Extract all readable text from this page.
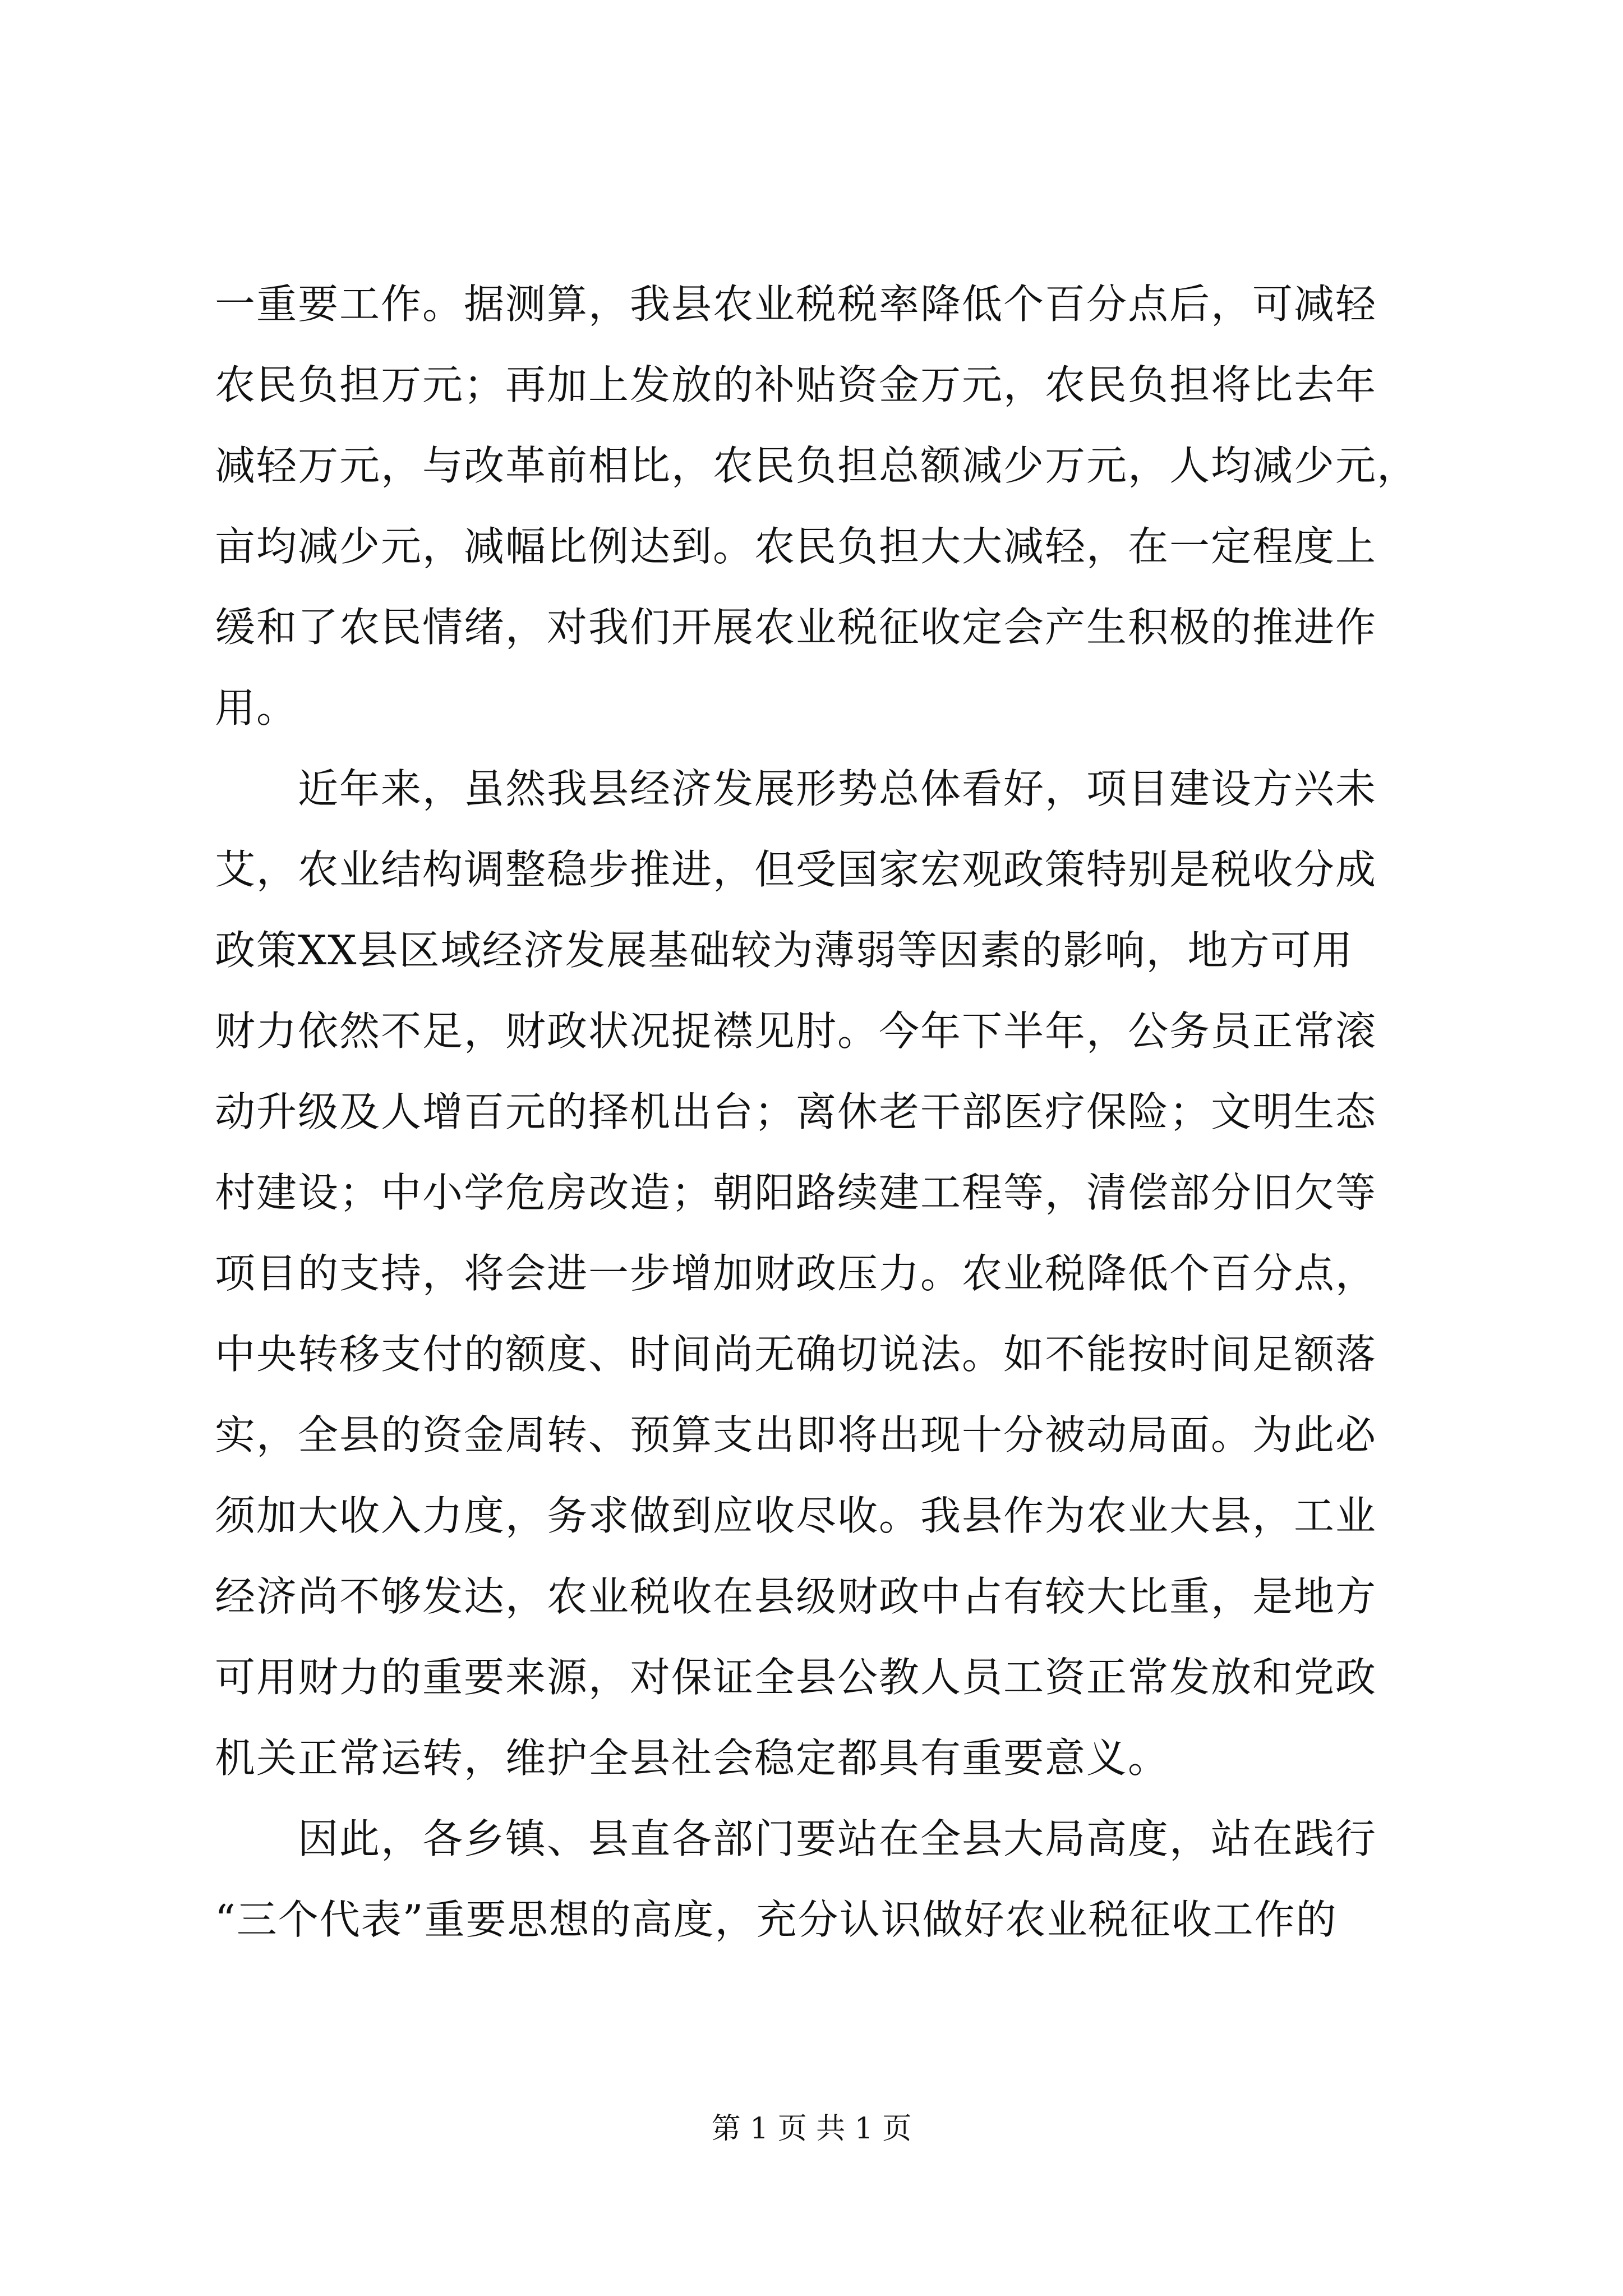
一重要工作。据测算，我县农业税税率降低个百分点后，可减轻
农民负担万元；再加上发放的补贴资金万元，农民负担将比去年
减轻万元，与改革前相比，农民负担总额减少万元，人均减少元，
亩均减少元，减幅比例达到。农民负担大大减轻，在一定程度上
缓和了农民情绪，对我们开展农业税征收定会产生积极的推进作
用。
　　近年来，虽然我县经济发展形势总体看好，项目建设方兴未
艾，农业结构调整稳步推进，但受国家宏观政策特别是税收分成
政策XX县区域经济发展基础较为薄弱等因素的影响，地方可用
财力依然不足，财政状况捉襟见肘。今年下半年，公务员正常滚
动升级及人增百元的择机出台；离休老干部医疗保险；文明生态
村建设；中小学危房改造；朝阳路续建工程等，清偿部分旧欠等
项目的支持，将会进一步增加财政压力。农业税降低个百分点，
中央转移支付的额度、时间尚无确切说法。如不能按时间足额落
实，全县的资金周转、预算支出即将出现十分被动局面。为此必
须加大收入力度，务求做到应收尽收。我县作为农业大县，工业
经济尚不够发达，农业税收在县级财政中占有较大比重，是地方
可用财力的重要来源，对保证全县公教人员工资正常发放和党政
机关正常运转，维护全县社会稳定都具有重要意义。
　　因此，各乡镇、县直各部门要站在全县大局高度，站在践行
“三个代表”重要思想的高度，充分认识做好农业税征收工作的
第 1 页 共 1 页
